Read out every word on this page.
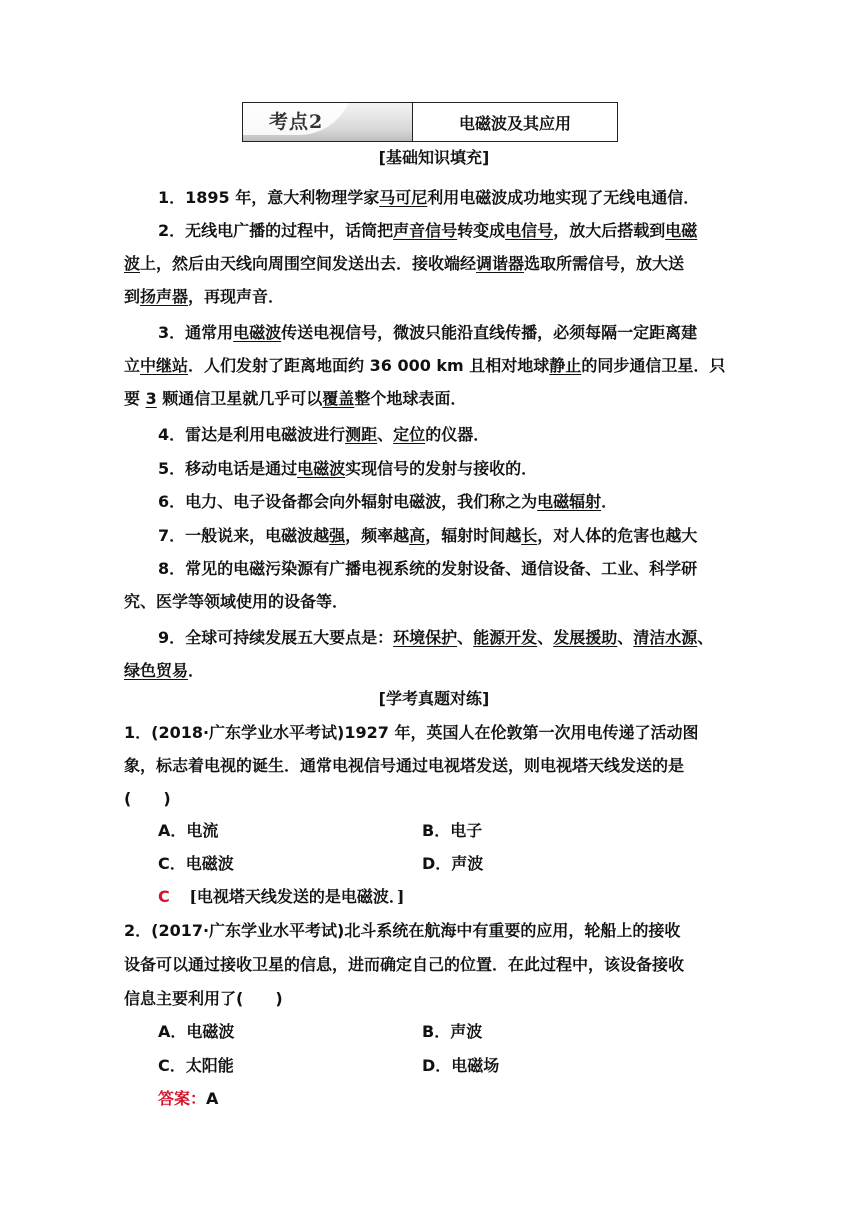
考点2	电磁波及其应用
[基础知识填充]
1．1895 年，意大利物理学家马可尼利用电磁波成功地实现了无线电通信．
2．无线电广播的过程中，话筒把声音信号转变成电信号，放大后搭载到电磁
波上，然后由天线向周围空间发送出去．接收端经调谐器选取所需信号，放大送
到扬声器，再现声音．
3．通常用电磁波传送电视信号，微波只能沿直线传播，必须每隔一定距离建
立中继站．人们发射了距离地面约 36 000 km 且相对地球静止的同步通信卫星．只
要 3 颗通信卫星就几乎可以覆盖整个地球表面．
4．雷达是利用电磁波进行测距、定位的仪器．
5．移动电话是通过电磁波实现信号的发射与接收的．
6．电力、电子设备都会向外辐射电磁波，我们称之为电磁辐射．
7．一般说来，电磁波越强，频率越高，辐射时间越长，对人体的危害也越大
8．常见的电磁污染源有广播电视系统的发射设备、通信设备、工业、科学研
究、医学等领域使用的设备等．
9．全球可持续发展五大要点是：环境保护、能源开发、发展援助、清洁水源、
绿色贸易．
[学考真题对练]
1．(2018·广东学业水平考试)1927 年，英国人在伦敦第一次用电传递了活动图
象，标志着电视的诞生．通常电视信号通过电视塔发送，则电视塔天线发送的是
(　　)
A．电流	B．电子
C．电磁波	D．声波
C [电视塔天线发送的是电磁波．]
2．(2017·广东学业水平考试)北斗系统在航海中有重要的应用，轮船上的接收
设备可以通过接收卫星的信息，进而确定自己的位置．在此过程中，该设备接收
信息主要利用了(　　)
A．电磁波	B．声波
C．太阳能	D．电磁场
答案：A
